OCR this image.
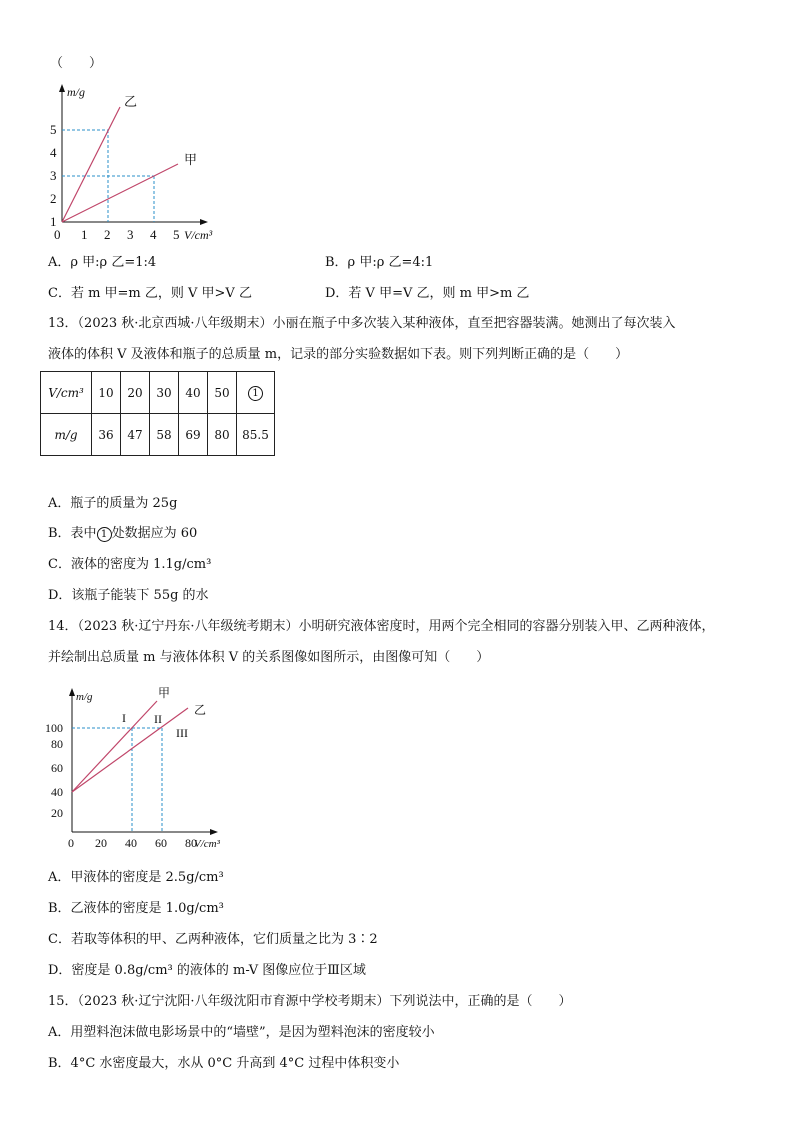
（　　）
1
2
3
4
5
0 1 2 3 4 5 V/cm³
m/g
乙
甲
A．ρ 甲:ρ 乙=1:4	B．ρ 甲:ρ 乙=4:1
C．若 m 甲=m 乙，则 V 甲>V 乙	D．若 V 甲=V 乙，则 m 甲>m 乙
13．（2023 秋·北京西城·八年级期末）小丽在瓶子中多次装入某种液体，直至把容器装满。她测出了每次装入
液体的体积 V 及液体和瓶子的总质量 m，记录的部分实验数据如下表。则下列判断正确的是（　　）
V/cm³	10	20	30	40	50	1
m/g	36	47	58	69	80	85.5
A．瓶子的质量为 25g
B．表中 1 处数据应为 60
C．液体的密度为 1.1g/cm³
D．该瓶子能装下 55g 的水
14．（2023 秋·辽宁丹东·八年级统考期末）小明研究液体密度时，用两个完全相同的容器分别装入甲、乙两种液体，
并绘制出总质量 m 与液体体积 V 的关系图像如图所示，由图像可知（　　）
20
40
60
80
100
0 20 40 60 80
V/cm³
m/g	甲
乙
I II
III
A．甲液体的密度是 2.5g/cm³
B．乙液体的密度是 1.0g/cm³
C．若取等体积的甲、乙两种液体，它们质量之比为 3∶2
D．密度是 0.8g/cm³ 的液体的 m-V 图像应位于Ⅲ区域
15．（2023 秋·辽宁沈阳·八年级沈阳市育源中学校考期末）下列说法中，正确的是（　　）
A．用塑料泡沫做电影场景中的“墙壁”，是因为塑料泡沫的密度较小
B．4°C 水密度最大，水从 0°C 升高到 4°C 过程中体积变小
